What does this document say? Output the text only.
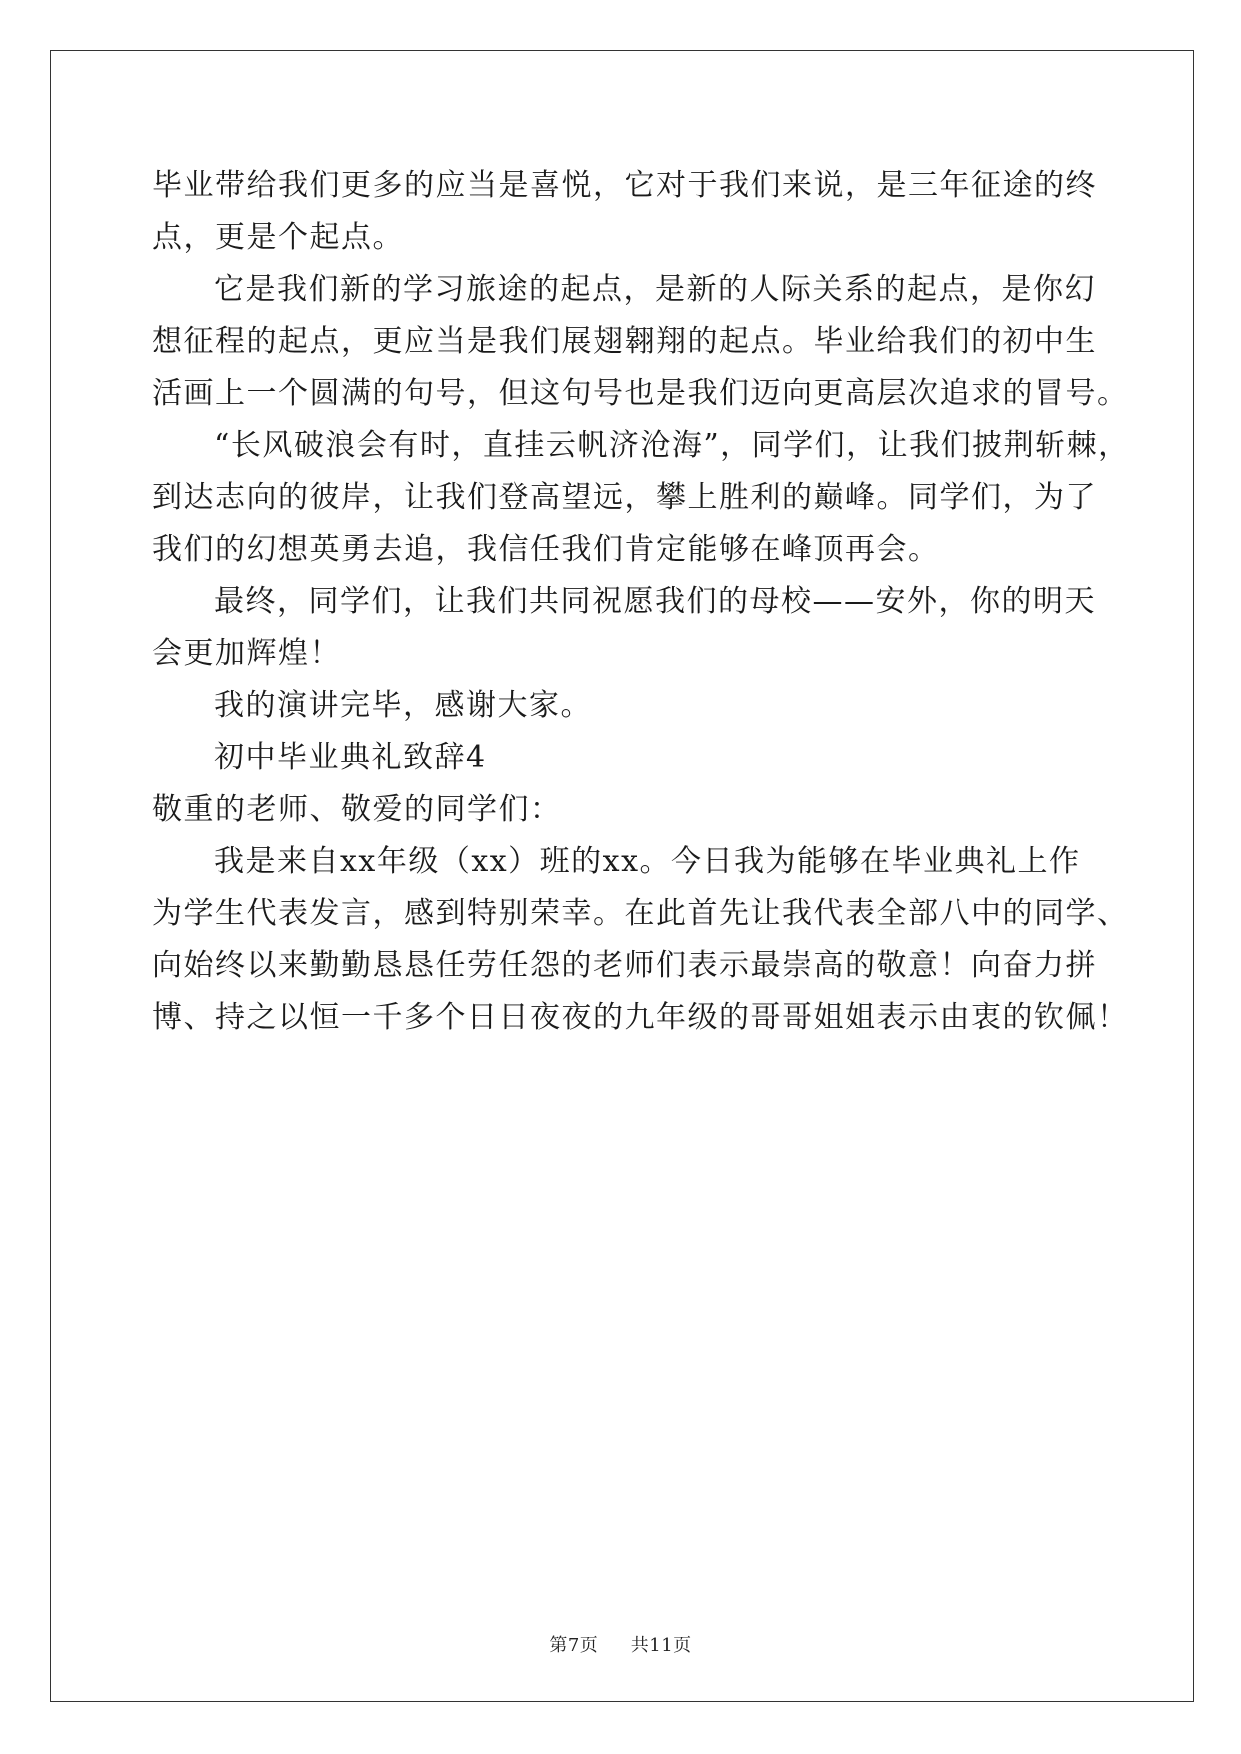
毕业带给我们更多的应当是喜悦，它对于我们来说，是三年征途的终
点，更是个起点。
它是我们新的学习旅途的起点，是新的人际关系的起点，是你幻
想征程的起点，更应当是我们展翅翱翔的起点。毕业给我们的初中生
活画上一个圆满的句号，但这句号也是我们迈向更高层次追求的冒号。
“长风破浪会有时，直挂云帆济沧海”，同学们，让我们披荆斩棘，
到达志向的彼岸，让我们登高望远，攀上胜利的巅峰。同学们，为了
我们的幻想英勇去追，我信任我们肯定能够在峰顶再会。
最终，同学们，让我们共同祝愿我们的母校——安外，你的明天
会更加辉煌！
我的演讲完毕，感谢大家。
初中毕业典礼致辞4
敬重的老师、敬爱的同学们：
我是来自xx年级（xx）班的xx。今日我为能够在毕业典礼上作
为学生代表发言，感到特别荣幸。在此首先让我代表全部八中的同学、
向始终以来勤勤恳恳任劳任怨的老师们表示最崇高的敬意！向奋力拼
博、持之以恒一千多个日日夜夜的九年级的哥哥姐姐表示由衷的钦佩！
第7页 共11页
